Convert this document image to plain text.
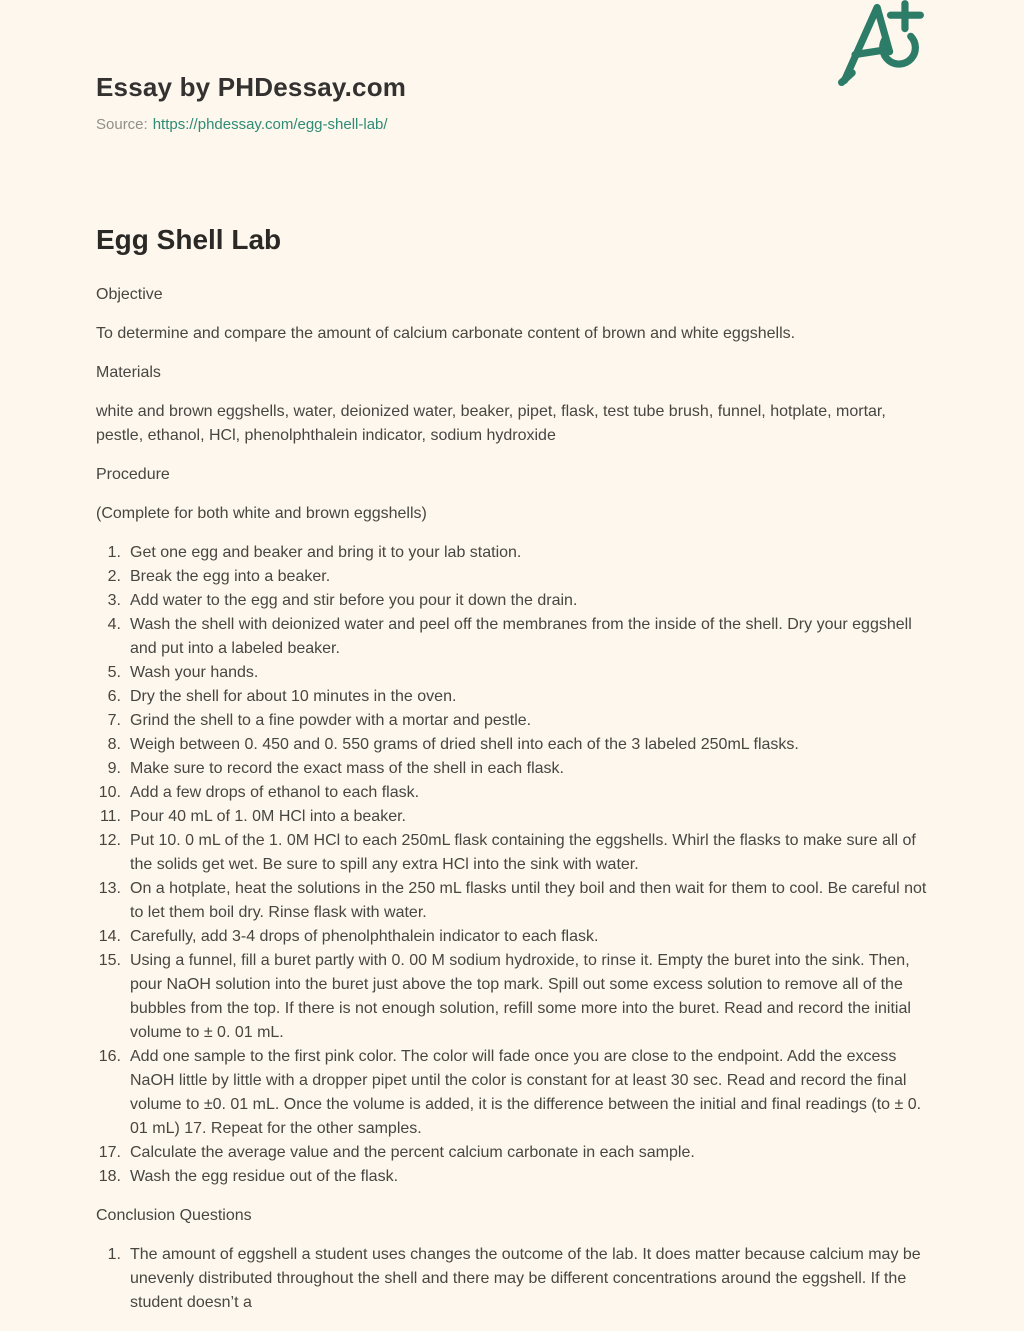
Essay by PHDessay.com
Source: https://phdessay.com/egg-shell-lab/
Egg Shell Lab

Objective

To determine and compare the amount of calcium carbonate content of brown and white eggshells.

Materials

white and brown eggshells, water, deionized water, beaker, pipet, flask, test tube brush, funnel, hotplate, mortar, pestle, ethanol, HCl, phenolphthalein indicator, sodium hydroxide

Procedure

(Complete for both white and brown eggshells)

1. Get one egg and beaker and bring it to your lab station.
2. Break the egg into a beaker.
3. Add water to the egg and stir before you pour it down the drain.
4. Wash the shell with deionized water and peel off the membranes from the inside of the shell. Dry your eggshell and put into a labeled beaker.
5. Wash your hands.
6. Dry the shell for about 10 minutes in the oven.
7. Grind the shell to a fine powder with a mortar and pestle.
8. Weigh between 0. 450 and 0. 550 grams of dried shell into each of the 3 labeled 250mL flasks.
9. Make sure to record the exact mass of the shell in each flask.
10. Add a few drops of ethanol to each flask.
11. Pour 40 mL of 1. 0M HCl into a beaker.
12. Put 10. 0 mL of the 1. 0M HCl to each 250mL flask containing the eggshells. Whirl the flasks to make sure all of the solids get wet. Be sure to spill any extra HCl into the sink with water.
13. On a hotplate, heat the solutions in the 250 mL flasks until they boil and then wait for them to cool. Be careful not to let them boil dry. Rinse flask with water.
14. Carefully, add 3-4 drops of phenolphthalein indicator to each flask.
15. Using a funnel, fill a buret partly with 0. 00 M sodium hydroxide, to rinse it. Empty the buret into the sink. Then, pour NaOH solution into the buret just above the top mark. Spill out some excess solution to remove all of the bubbles from the top. If there is not enough solution, refill some more into the buret. Read and record the initial volume to ± 0. 01 mL.
16. Add one sample to the first pink color. The color will fade once you are close to the endpoint. Add the excess NaOH little by little with a dropper pipet until the color is constant for at least 30 sec. Read and record the final volume to ±0. 01 mL. Once the volume is added, it is the difference between the initial and final readings (to ± 0. 01 mL) 17. Repeat for the other samples.
17. Calculate the average value and the percent calcium carbonate in each sample.
18. Wash the egg residue out of the flask.

Conclusion Questions

1. The amount of eggshell a student uses changes the outcome of the lab. It does matter because calcium may be unevenly distributed throughout the shell and there may be different concentrations around the eggshell. If the student doesn’t a
